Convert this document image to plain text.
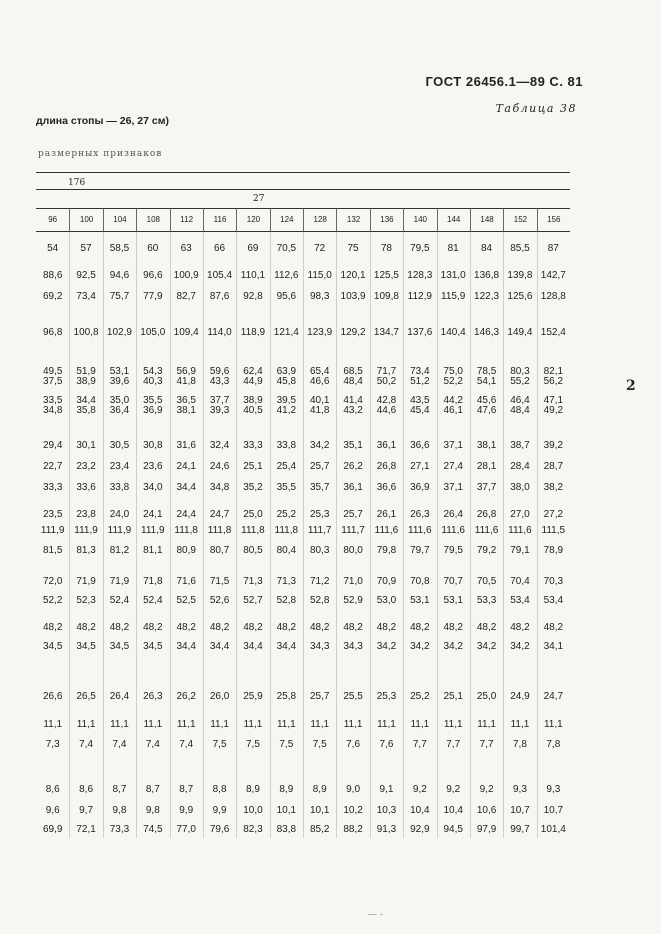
ГОСТ 26456.1—89 С. 81
Таблица 38
длина стопы — 26, 27 см)
размерных признаков
176
27
96	100	104	108	112	116	120	124	128	132	136	140	144	148	152	156
54	57	58,5	60	63	66	69	70,5	72	75	78	79,5	81	84	85,5	87
88,6	92,5	94,6	96,6	100,9 105,4 110,1 112,6 115,0 120,1 125,5 128,3 131,0 136,8 139,8 142,7
69,2	73,4	75,7	77,9	82,7	87,6	92,8	95,6	98,3	103,9 109,8 112,9 115,9 122,3 125,6 128,8
96,8	100,8 102,9 105,0 109,4 114,0 118,9 121,4 123,9 129,2 134,7 137,6 140,4 146,3 149,4 152,4
49,5	51,9	53,1	54,3	56,9	59,6	62,4	63,9	65,4	68,5	71,7	73,4	75,0	78,5	80,3	82,1
37,5	38,9	39,6	40,3	41,8	43,3	44,9	45,8	46,6	48,4	50,2	51,2	52,2	54,1	55,2	56,2
33,5	34,4	35,0	35,5	36,5	37,7	38,9	39,5	40,1	41,4	42,8	43,5	44,2	45,6	46,4	47,1
34,8	35,8	36,4	36,9	38,1	39,3	40,5	41,2	41,8	43,2	44,6	45,4	46,1	47,6	48,4	49,2
29,4	30,1	30,5	30,8	31,6	32,4	33,3	33,8	34,2	35,1	36,1	36,6	37,1	38,1	38,7	39,2
22,7	23,2	23,4	23,6	24,1	24,6	25,1	25,4	25,7	26,2	26,8	27,1	27,4	28,1	28,4	28,7
33,3	33,6	33,8	34,0	34,4	34,8	35,2	35,5	35,7	36,1	36,6	36,9	37,1	37,7	38,0	38,2
23,5	23,8	24,0	24,1	24,4	24,7	25,0	25,2	25,3	25,7	26,1	26,3	26,4	26,8	27,0	27,2
111,9 111,9 111,9 111,9 111,8 111,8 111,8 111,8 111,7 111,7 111,6 111,6 111,6 111,6 111,6 111,5
81,5	81,3	81,2	81,1	80,9	80,7	80,5	80,4	80,3	80,0	79,8	79,7	79,5	79,2	79,1	78,9
72,0	71,9	71,9	71,8	71,6	71,5	71,3	71,3	71,2	71,0	70,9	70,8	70,7	70,5	70,4	70,3
52,2	52,3	52,4	52,4	52,5	52,6	52,7	52,8	52,8	52,9	53,0	53,1	53,1	53,3	53,4	53,4
48,2	48,2	48,2	48,2	48,2	48,2	48,2	48,2	48,2	48,2	48,2	48,2	48,2	48,2	48,2	48,2
34,5	34,5	34,5	34,5	34,4	34,4	34,4	34,4	34,3	34,3	34,2	34,2	34,2	34,2	34,2	34,1
26,6	26,5	26,4	26,3	26,2	26,0	25,9	25,8	25,7	25,5	25,3	25,2	25,1	25,0	24,9	24,7
11,1	11,1	11,1	11,1	11,1	11,1	11,1	11,1	11,1	11,1	11,1	11,1	11,1	11,1	11,1	11,1
7,3	7,4	7,4	7,4	7,4	7,5	7,5	7,5	7,5	7,6	7,6	7,7	7,7	7,7	7,8	7,8
8,6	8,6	8,7	8,7	8,7	8,8	8,9	8,9	8,9	9,0	9,1	9,2	9,2	9,2	9,3	9,3
9,6	9,7	9,8	9,8	9,9	9,9	10,0	10,1	10,1	10,2	10,3	10,4	10,4	10,6	10,7	10,7
69,9	72,1	73,3	74,5	77,0	79,6	82,3	83,8	85,2	88,2	91,3	92,9	94,5	97,9	99,7	101,4
2
— -
